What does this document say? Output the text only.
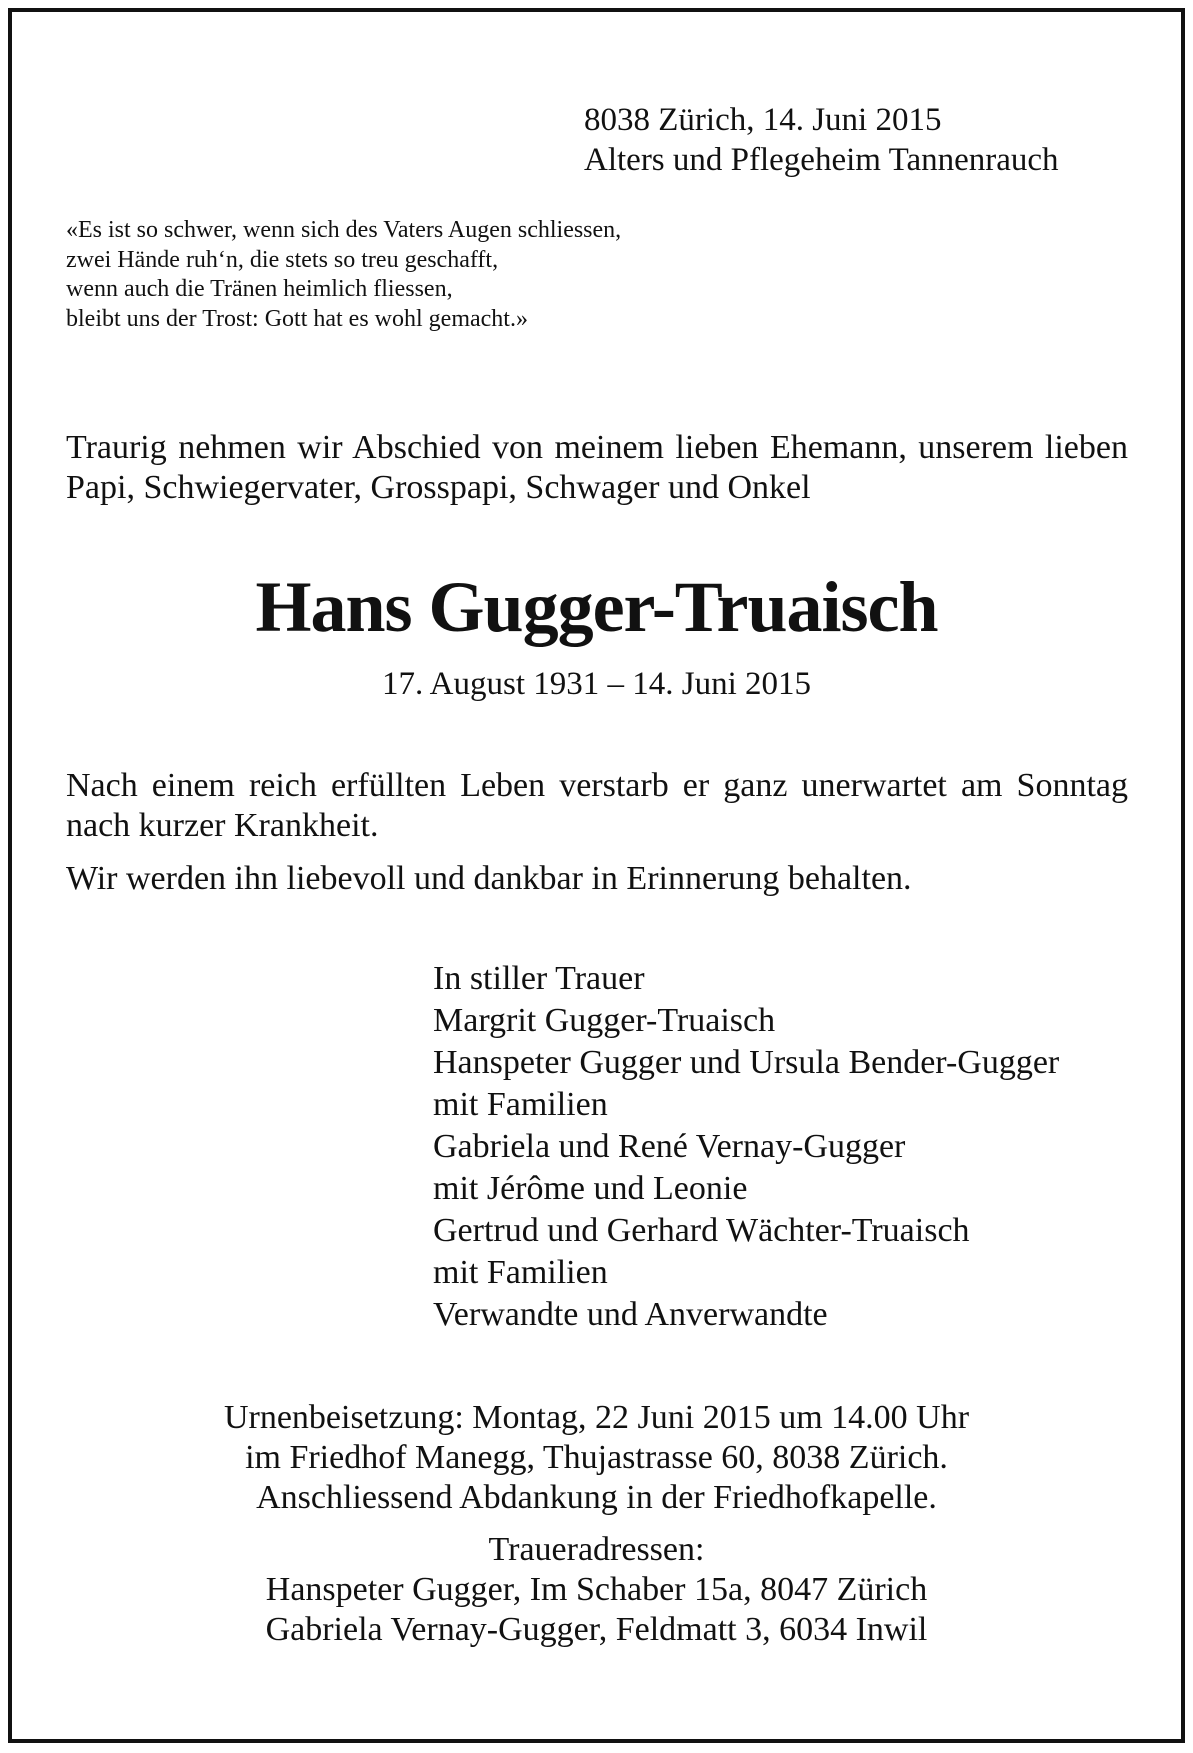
8038 Zürich, 14. Juni 2015
Alters und Pflegeheim Tannenrauch
«Es ist so schwer, wenn sich des Vaters Augen schliessen,
zwei Hände ruh‘n, die stets so treu geschafft,
wenn auch die Tränen heimlich fliessen,
bleibt uns der Trost: Gott hat es wohl gemacht.»
Traurig nehmen wir Abschied von meinem lieben Ehemann, unserem lieben Papi, Schwiegervater, Grosspapi, Schwager und Onkel
Hans Gugger-Truaisch
17. August 1931 – 14. Juni 2015
Nach einem reich erfüllten Leben verstarb er ganz unerwartet am Sonntag nach kurzer Krankheit.
Wir werden ihn liebevoll und dankbar in Erinnerung behalten.
In stiller Trauer
Margrit Gugger-Truaisch
Hanspeter Gugger und Ursula Bender-Gugger
mit Familien
Gabriela und René Vernay-Gugger
mit Jérôme und Leonie
Gertrud und Gerhard Wächter-Truaisch
mit Familien
Verwandte und Anverwandte
Urnenbeisetzung: Montag, 22 Juni 2015 um 14.00 Uhr
im Friedhof Manegg, Thujastrasse 60, 8038 Zürich.
Anschliessend Abdankung in der Friedhofkapelle.
Traueradressen:
Hanspeter Gugger, Im Schaber 15a, 8047 Zürich
Gabriela Vernay-Gugger, Feldmatt 3, 6034 Inwil
